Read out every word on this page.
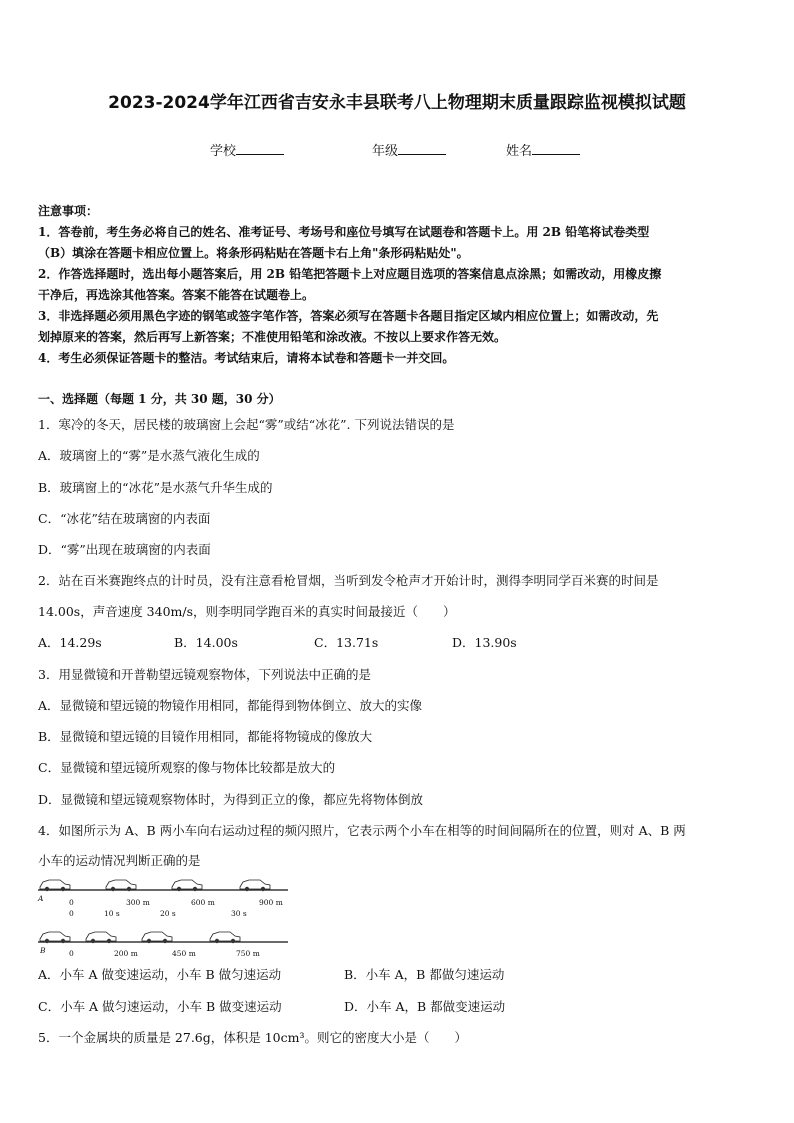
2023-2024学年江西省吉安永丰县联考八上物理期末质量跟踪监视模拟试题
学校	年级	姓名
注意事项：
1．答卷前，考生务必将自己的姓名、准考证号、考场号和座位号填写在试题卷和答题卡上。用 2B 铅笔将试卷类型
（B）填涂在答题卡相应位置上。将条形码粘贴在答题卡右上角"条形码粘贴处"。
2．作答选择题时，选出每小题答案后，用 2B 铅笔把答题卡上对应题目选项的答案信息点涂黑；如需改动，用橡皮擦
干净后，再选涂其他答案。答案不能答在试题卷上。
3．非选择题必须用黑色字迹的钢笔或签字笔作答，答案必须写在答题卡各题目指定区域内相应位置上；如需改动，先
划掉原来的答案，然后再写上新答案；不准使用铅笔和涂改液。不按以上要求作答无效。
4．考生必须保证答题卡的整洁。考试结束后，请将本试卷和答题卡一并交回。
一、选择题（每题 1 分，共 30 题，30 分）
1．寒冷的冬天，居民楼的玻璃窗上会起“雾”或结“冰花”. 下列说法错误的是
A．玻璃窗上的“雾”是水蒸气液化生成的
B．玻璃窗上的“冰花”是水蒸气升华生成的
C．“冰花”结在玻璃窗的内表面
D．“雾”出现在玻璃窗的内表面
2．站在百米赛跑终点的计时员，没有注意看枪冒烟，当听到发令枪声才开始计时，测得李明同学百米赛的时间是
14.00s，声音速度 340m/s，则李明同学跑百米的真实时间最接近（　　）
A．14.29s	B．14.00s	C．13.71s	D．13.90s
3．用显微镜和开普勒望远镜观察物体，下列说法中正确的是
A．显微镜和望远镜的物镜作用相同，都能得到物体倒立、放大的实像
B．显微镜和望远镜的目镜作用相同，都能将物镜成的像放大
C．显微镜和望远镜所观察的像与物体比较都是放大的
D．显微镜和望远镜观察物体时，为得到正立的像，都应先将物体倒放
4．如图所示为 A、B 两小车向右运动过程的频闪照片，它表示两个小车在相等的时间间隔所在的位置，则对 A、B 两
小车的运动情况判断正确的是
A	0	300 m	600 m	900 m
0	10 s	20 s	30 s
B	0	200 m	450 m	750 m
A．小车 A 做变速运动，小车 B 做匀速运动	B．小车 A，B 都做匀速运动
C．小车 A 做匀速运动，小车 B 做变速运动	D．小车 A，B 都做变速运动
5．一个金属块的质量是 27.6g，体积是 10cm³。则它的密度大小是（　　）
